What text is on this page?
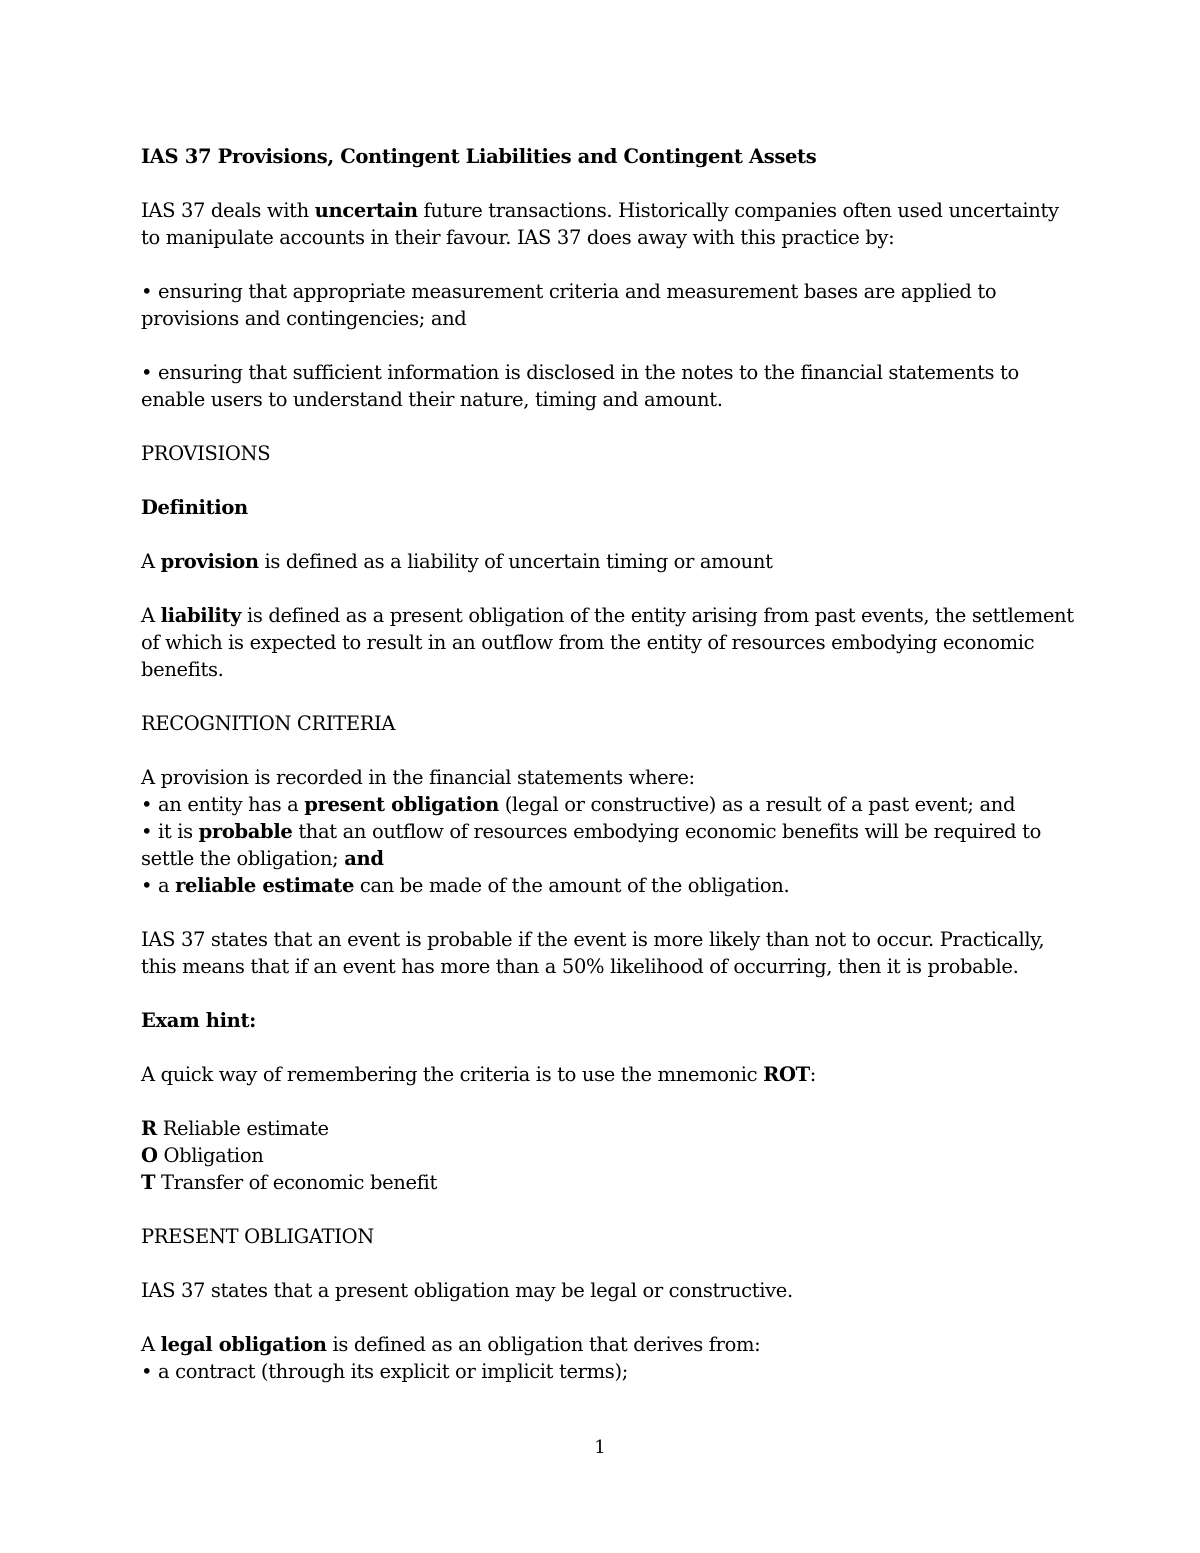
IAS 37 Provisions, Contingent Liabilities and Contingent Assets
IAS 37 deals with uncertain future transactions. Historically companies often used uncertainty
to manipulate accounts in their favour. IAS 37 does away with this practice by:
• ensuring that appropriate measurement criteria and measurement bases are applied to
provisions and contingencies; and
• ensuring that sufficient information is disclosed in the notes to the financial statements to
enable users to understand their nature, timing and amount.
PROVISIONS
Definition
A provision is defined as a liability of uncertain timing or amount
A liability is defined as a present obligation of the entity arising from past events, the settlement
of which is expected to result in an outflow from the entity of resources embodying economic
benefits.
RECOGNITION CRITERIA
A provision is recorded in the financial statements where:
• an entity has a present obligation (legal or constructive) as a result of a past event; and
• it is probable that an outflow of resources embodying economic benefits will be required to
settle the obligation; and
• a reliable estimate can be made of the amount of the obligation.
IAS 37 states that an event is probable if the event is more likely than not to occur. Practically,
this means that if an event has more than a 50% likelihood of occurring, then it is probable.
Exam hint:
A quick way of remembering the criteria is to use the mnemonic ROT:
R Reliable estimate
O Obligation
T Transfer of economic benefit
PRESENT OBLIGATION
IAS 37 states that a present obligation may be legal or constructive.
A legal obligation is defined as an obligation that derives from:
• a contract (through its explicit or implicit terms);
1
